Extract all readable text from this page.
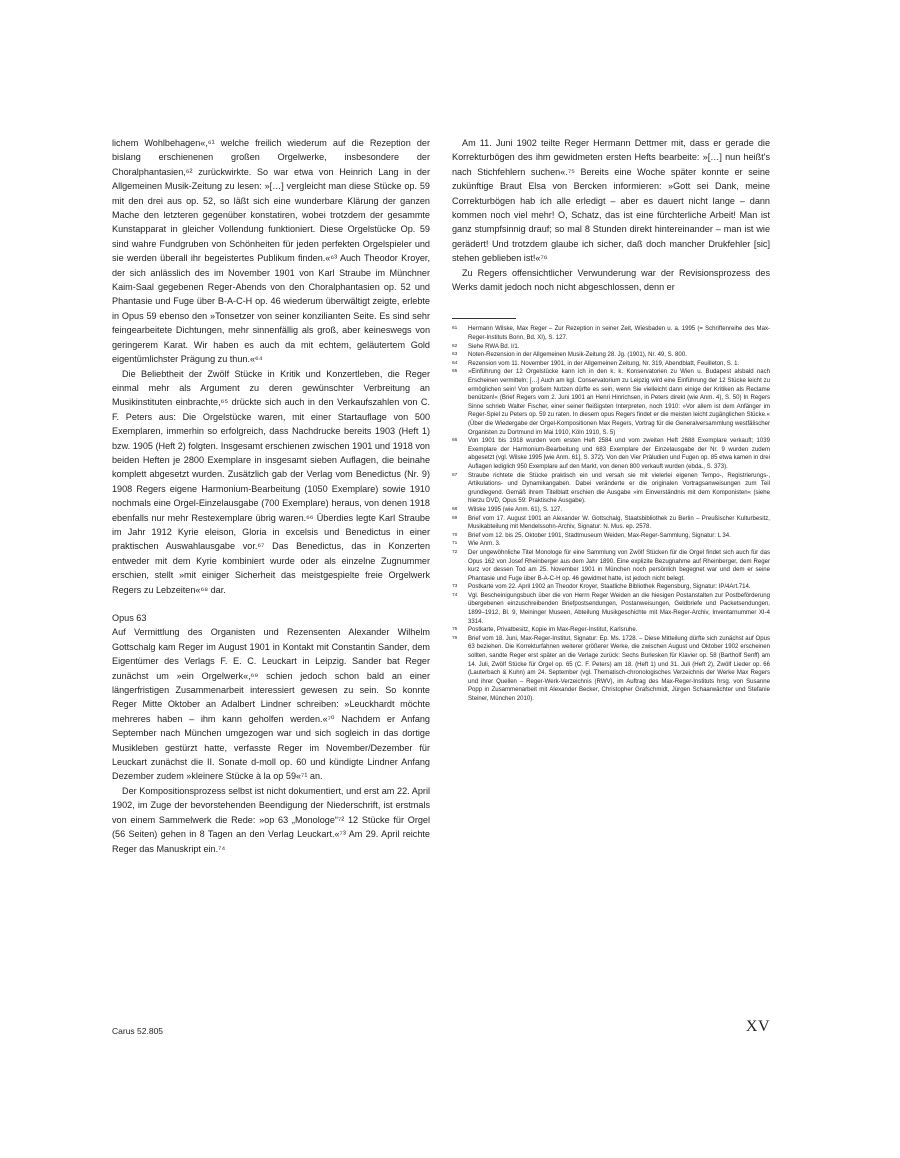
lichem Wohlbehagen«,⁶¹ welche freilich wiederum auf die Rezeption der bislang erschienenen großen Orgelwerke, insbesondere der Choralphantasien,⁶² zurückwirkte. So war etwa von Heinrich Lang in der Allgemeinen Musik-Zeitung zu lesen: »[…] vergleicht man diese Stücke op. 59 mit den drei aus op. 52, so läßt sich eine wunderbare Klärung der ganzen Mache den letzteren gegenüber konstatiren, wobei trotzdem der gesammte Kunstapparat in gleicher Vollendung funktioniert. Diese Orgelstücke Op. 59 sind wahre Fundgruben von Schönheiten für jeden perfekten Orgelspieler und sie werden überall ihr begeistertes Publikum finden.«⁶³ Auch Theodor Kroyer, der sich anlässlich des im November 1901 von Karl Straube im Münchner Kaim-Saal gegebenen Reger-Abends von den Choralphantasien op. 52 und Phantasie und Fuge über B-A-C-H op. 46 wiederum überwältigt zeigte, erlebte in Opus 59 ebenso den »Tonsetzer von seiner konzilianten Seite. Es sind sehr feingearbeitete Dichtungen, mehr sinnenfällig als groß, aber keineswegs von geringerem Karat. Wir haben es auch da mit echtem, geläutertem Gold eigentümlichster Prägung zu thun.«⁶⁴

Die Beliebtheit der Zwölf Stücke in Kritik und Konzertleben, die Reger einmal mehr als Argument zu deren gewünschter Verbreitung an Musikinstituten einbrachte,⁶⁵ drückte sich auch in den Verkaufszahlen von C. F. Peters aus: Die Orgelstücke waren, mit einer Startauflage von 500 Exemplaren, immerhin so erfolgreich, dass Nachdrucke bereits 1903 (Heft 1) bzw. 1905 (Heft 2) folgten. Insgesamt erschienen zwischen 1901 und 1918 von beiden Heften je 2800 Exemplare in insgesamt sieben Auflagen, die beinahe komplett abgesetzt wurden. Zusätzlich gab der Verlag vom Benedictus (Nr. 9) 1908 Regers eigene Harmonium-Bearbeitung (1050 Exemplare) sowie 1910 nochmals eine Orgel-Einzelausgabe (700 Exemplare) heraus, von denen 1918 ebenfalls nur mehr Restexemplare übrig waren.⁶⁶ Überdies legte Karl Straube im Jahr 1912 Kyrie eleison, Gloria in excelsis und Benedictus in einer praktischen Auswahlausgabe vor.⁶⁷ Das Benedictus, das in Konzerten entweder mit dem Kyrie kombiniert wurde oder als einzelne Zugnummer erschien, stellt »mit einiger Sicherheit das meistgespielte freie Orgelwerk Regers zu Lebzeiten«⁶⁸ dar.

Opus 63

Auf Vermittlung des Organisten und Rezensenten Alexander Wilhelm Gottschalg kam Reger im August 1901 in Kontakt mit Constantin Sander, dem Eigentümer des Verlags F. E. C. Leuckart in Leipzig. Sander bat Reger zunächst um »ein Orgelwerk«,⁶⁹ schien jedoch schon bald an einer längerfristigen Zusammenarbeit interessiert gewesen zu sein. So konnte Reger Mitte Oktober an Adalbert Lindner schreiben: »Leuckhardt möchte mehreres haben – ihm kann geholfen werden.«⁷⁰ Nachdem er Anfang September nach München umgezogen war und sich sogleich in das dortige Musikleben gestürzt hatte, verfasste Reger im November/Dezember für Leuckart zunächst die II. Sonate d-moll op. 60 und kündigte Lindner Anfang Dezember zudem »kleinere Stücke à la op 59«⁷¹ an.

Der Kompositionsprozess selbst ist nicht dokumentiert, und erst am 22. April 1902, im Zuge der bevorstehenden Beendigung der Niederschrift, ist erstmals von einem Sammelwerk die Rede: »op 63 „Monologe“⁷² 12 Stücke für Orgel (56 Seiten) gehen in 8 Tagen an den Verlag Leuckart.«⁷³ Am 29. April reichte Reger das Manuskript ein.⁷⁴

Am 11. Juni 1902 teilte Reger Hermann Dettmer mit, dass er gerade die Korrekturbögen des ihm gewidmeten ersten Hefts bearbeite: »[…] nun heißt's nach Stichfehlern suchen«.⁷⁵ Bereits eine Woche später konnte er seine zukünftige Braut Elsa von Bercken informieren: »Gott sei Dank, meine Correkturbögen hab ich alle erledigt – aber es dauert nicht lange – dann kommen noch viel mehr! O, Schatz, das ist eine fürchterliche Arbeit! Man ist ganz stumpfsinnig drauf; so mal 8 Stunden direkt hintereinander – man ist wie gerädert! Und trotzdem glaube ich sicher, daß doch mancher Drukfehler [sic] stehen geblieben ist!«⁷⁶

Zu Regers offensichtlicher Verwunderung war der Revisionsprozess des Werks damit jedoch noch nicht abgeschlossen, denn er

61 Hermann Wilske, Max Reger – Zur Rezeption in seiner Zeit, Wiesbaden u. a. 1995 (= Schriftenreihe des Max-Reger-Instituts Bonn, Bd. XI), S. 127.
62 Siehe RWA Bd. I/1.
63 Noten-Rezension in der Allgemeinen Musik-Zeitung 28. Jg. (1901), Nr. 49, S. 800.
64 Rezension vom 11. November 1901, in der Allgemeinen Zeitung, Nr. 319, Abendblatt, Feuilleton, S. 1.
65 »Einführung der 12 Orgelstücke kann ich in den k. k. Konservatorien zu Wien u. Budapest alsbald nach Erscheinen vermitteln; […] Auch am kgl. Conservatorium zu Leipzig wird eine Einführung der 12 Stücke leicht zu ermöglichen sein! Von großem Nutzen dürfte es sein, wenn Sie vielleicht dann einige der Kritiken als Reclame benützen!« (Brief Regers vom 2. Juni 1901 an Henri Hinrichsen, in Peters direkt (wie Anm. 4), S. 50) In Regers Sinne schrieb Walter Fischer, einer seiner fleißigsten Interpreten, noch 1910: »Vor allem ist dem Anfänger im Reger-Spiel zu Peters op. 59 zu raten. In diesem opus Regers findet er die meisten leicht zugänglichen Stücke.« (Über die Wiedergabe der Orgel-Kompositionen Max Regers, Vortrag für die Generalversammlung westfälischer Organisten zu Dortmund im Mai 1910, Köln 1910, S. 5)
66 Von 1901 bis 1918 wurden vom ersten Heft 2584 und vom zweiten Heft 2688 Exemplare verkauft; 1039 Exemplare der Harmonium-Bearbeitung und 683 Exemplare der Einzelausgabe der Nr. 9 wurden zudem abgesetzt (vgl. Wilske 1995 [wie Anm. 61], S. 372). Von den Vier Präludien und Fugen op. 85 etwa kamen in drei Auflagen lediglich 950 Exemplare auf den Markt, von denen 800 verkauft wurden (ebda., S. 373).
67 Straube richtete die Stücke praktisch ein und versah sie mit vielerlei eigenen Tempo-, Registrierungs-, Artikulations- und Dynamikangaben. Dabei veränderte er die originalen Vortragsanweisungen zum Teil grundlegend. Gemäß ihrem Titelblatt erschien die Ausgabe »im Einverständnis mit dem Komponisten« (siehe hierzu DVD, Opus 59: Praktische Ausgabe).
68 Wilske 1995 (wie Anm. 61), S. 127.
69 Brief vom 17. August 1901 an Alexander W. Gottschalg, Staatsbibliothek zu Berlin – Preußischer Kulturbesitz, Musikabteilung mit Mendelssohn-Archiv, Signatur: N. Mus. ep. 2578.
70 Brief vom 12. bis 25. Oktober 1901, Stadtmuseum Weiden, Max-Reger-Sammlung, Signatur: L 34.
71 Wie Anm. 3.
72 Der ungewöhnliche Titel Monologe für eine Sammlung von Zwölf Stücken für die Orgel findet sich auch für das Opus 162 von Josef Rheinberger aus dem Jahr 1890. Eine explizite Bezugnahme auf Rheinberger, dem Reger kurz vor dessen Tod am 25. November 1901 in München noch persönlich begegnet war und dem er seine Phantasie und Fuge über B-A-C-H op. 46 gewidmet hatte, ist jedoch nicht belegt.
73 Postkarte vom 22. April 1902 an Theodor Kroyer, Staatliche Bibliothek Regensburg, Signatur: IP/4Art.714.
74 Vgl. Bescheinigungsbuch über die von Herrn Reger Weiden an die hiesigen Postanstalten zur Postbeförderung übergebenen einzuschreibenden Briefpostsendungen, Postanweisungen, Geldbriefe und Packetsendungen, 1899–1912, Bl. 9, Meininger Museen, Abteilung Musikgeschichte mit Max-Reger-Archiv, Inventarnummer XI-4 3314.
75 Postkarte, Privatbesitz, Kopie im Max-Reger-Institut, Karlsruhe.
76 Brief vom 18. Juni, Max-Reger-Institut, Signatur: Ep. Ms. 1728. – Diese Mitteilung dürfte sich zunächst auf Opus 63 beziehen. Die Korrekturfahnen weiterer größerer Werke, die zwischen August und Oktober 1902 erscheinen sollten, sandte Reger erst später an die Verlage zurück: Sechs Burlesken für Klavier op. 58 (Bartholf Senff) am 14. Juli, Zwölf Stücke für Orgel op. 65 (C. F. Peters) am 18. (Heft 1) und 31. Juli (Heft 2), Zwölf Lieder op. 66 (Lauterbach & Kuhn) am 24. September (vgl. Thematisch-chronologisches Verzeichnis der Werke Max Regers und ihrer Quellen – Reger-Werk-Verzeichnis (RWV), im Auftrag des Max-Reger-Instituts hrsg. von Susanne Popp in Zusammenarbeit mit Alexander Becker, Christopher Grafschmidt, Jürgen Schaarwächter und Stefanie Steiner, München 2010).
Carus 52.805	XV
